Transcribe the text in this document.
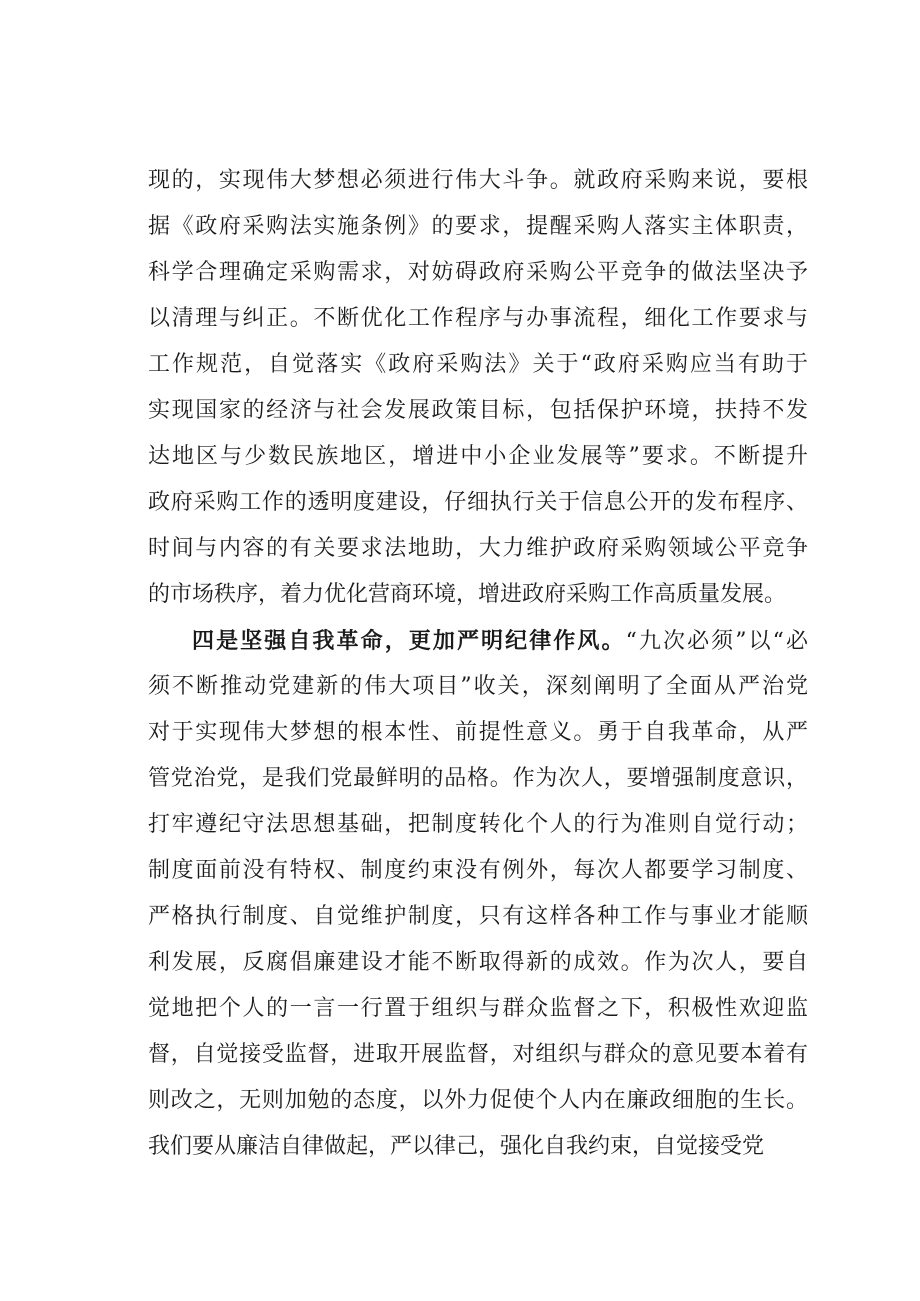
现的，实现伟大梦想必须进行伟大斗争。就政府采购来说，要根
据《政府采购法实施条例》的要求，提醒采购人落实主体职责，
科学合理确定采购需求，对妨碍政府采购公平竞争的做法坚决予
以清理与纠正。不断优化工作程序与办事流程，细化工作要求与
工作规范，自觉落实《政府采购法》关于“政府采购应当有助于
实现国家的经济与社会发展政策目标，包括保护环境，扶持不发
达地区与少数民族地区，增进中小企业发展等”要求。不断提升
政府采购工作的透明度建设，仔细执行关于信息公开的发布程序、
时间与内容的有关要求法地助，大力维护政府采购领域公平竞争
的市场秩序，着力优化营商环境，增进政府采购工作高质量发展。
四是坚强自我革命，更加严明纪律作风。“九次必须”以“必
须不断推动党建新的伟大项目”收关，深刻阐明了全面从严治党
对于实现伟大梦想的根本性、前提性意义。勇于自我革命，从严
管党治党，是我们党最鲜明的品格。作为次人，要增强制度意识，
打牢遵纪守法思想基础，把制度转化个人的行为准则自觉行动；
制度面前没有特权、制度约束没有例外，每次人都要学习制度、
严格执行制度、自觉维护制度，只有这样各种工作与事业才能顺
利发展，反腐倡廉建设才能不断取得新的成效。作为次人，要自
觉地把个人的一言一行置于组织与群众监督之下，积极性欢迎监
督，自觉接受监督，进取开展监督，对组织与群众的意见要本着有
则改之，无则加勉的态度，以外力促使个人内在廉政细胞的生长。
我们要从廉洁自律做起，严以律己，强化自我约束，自觉接受党
